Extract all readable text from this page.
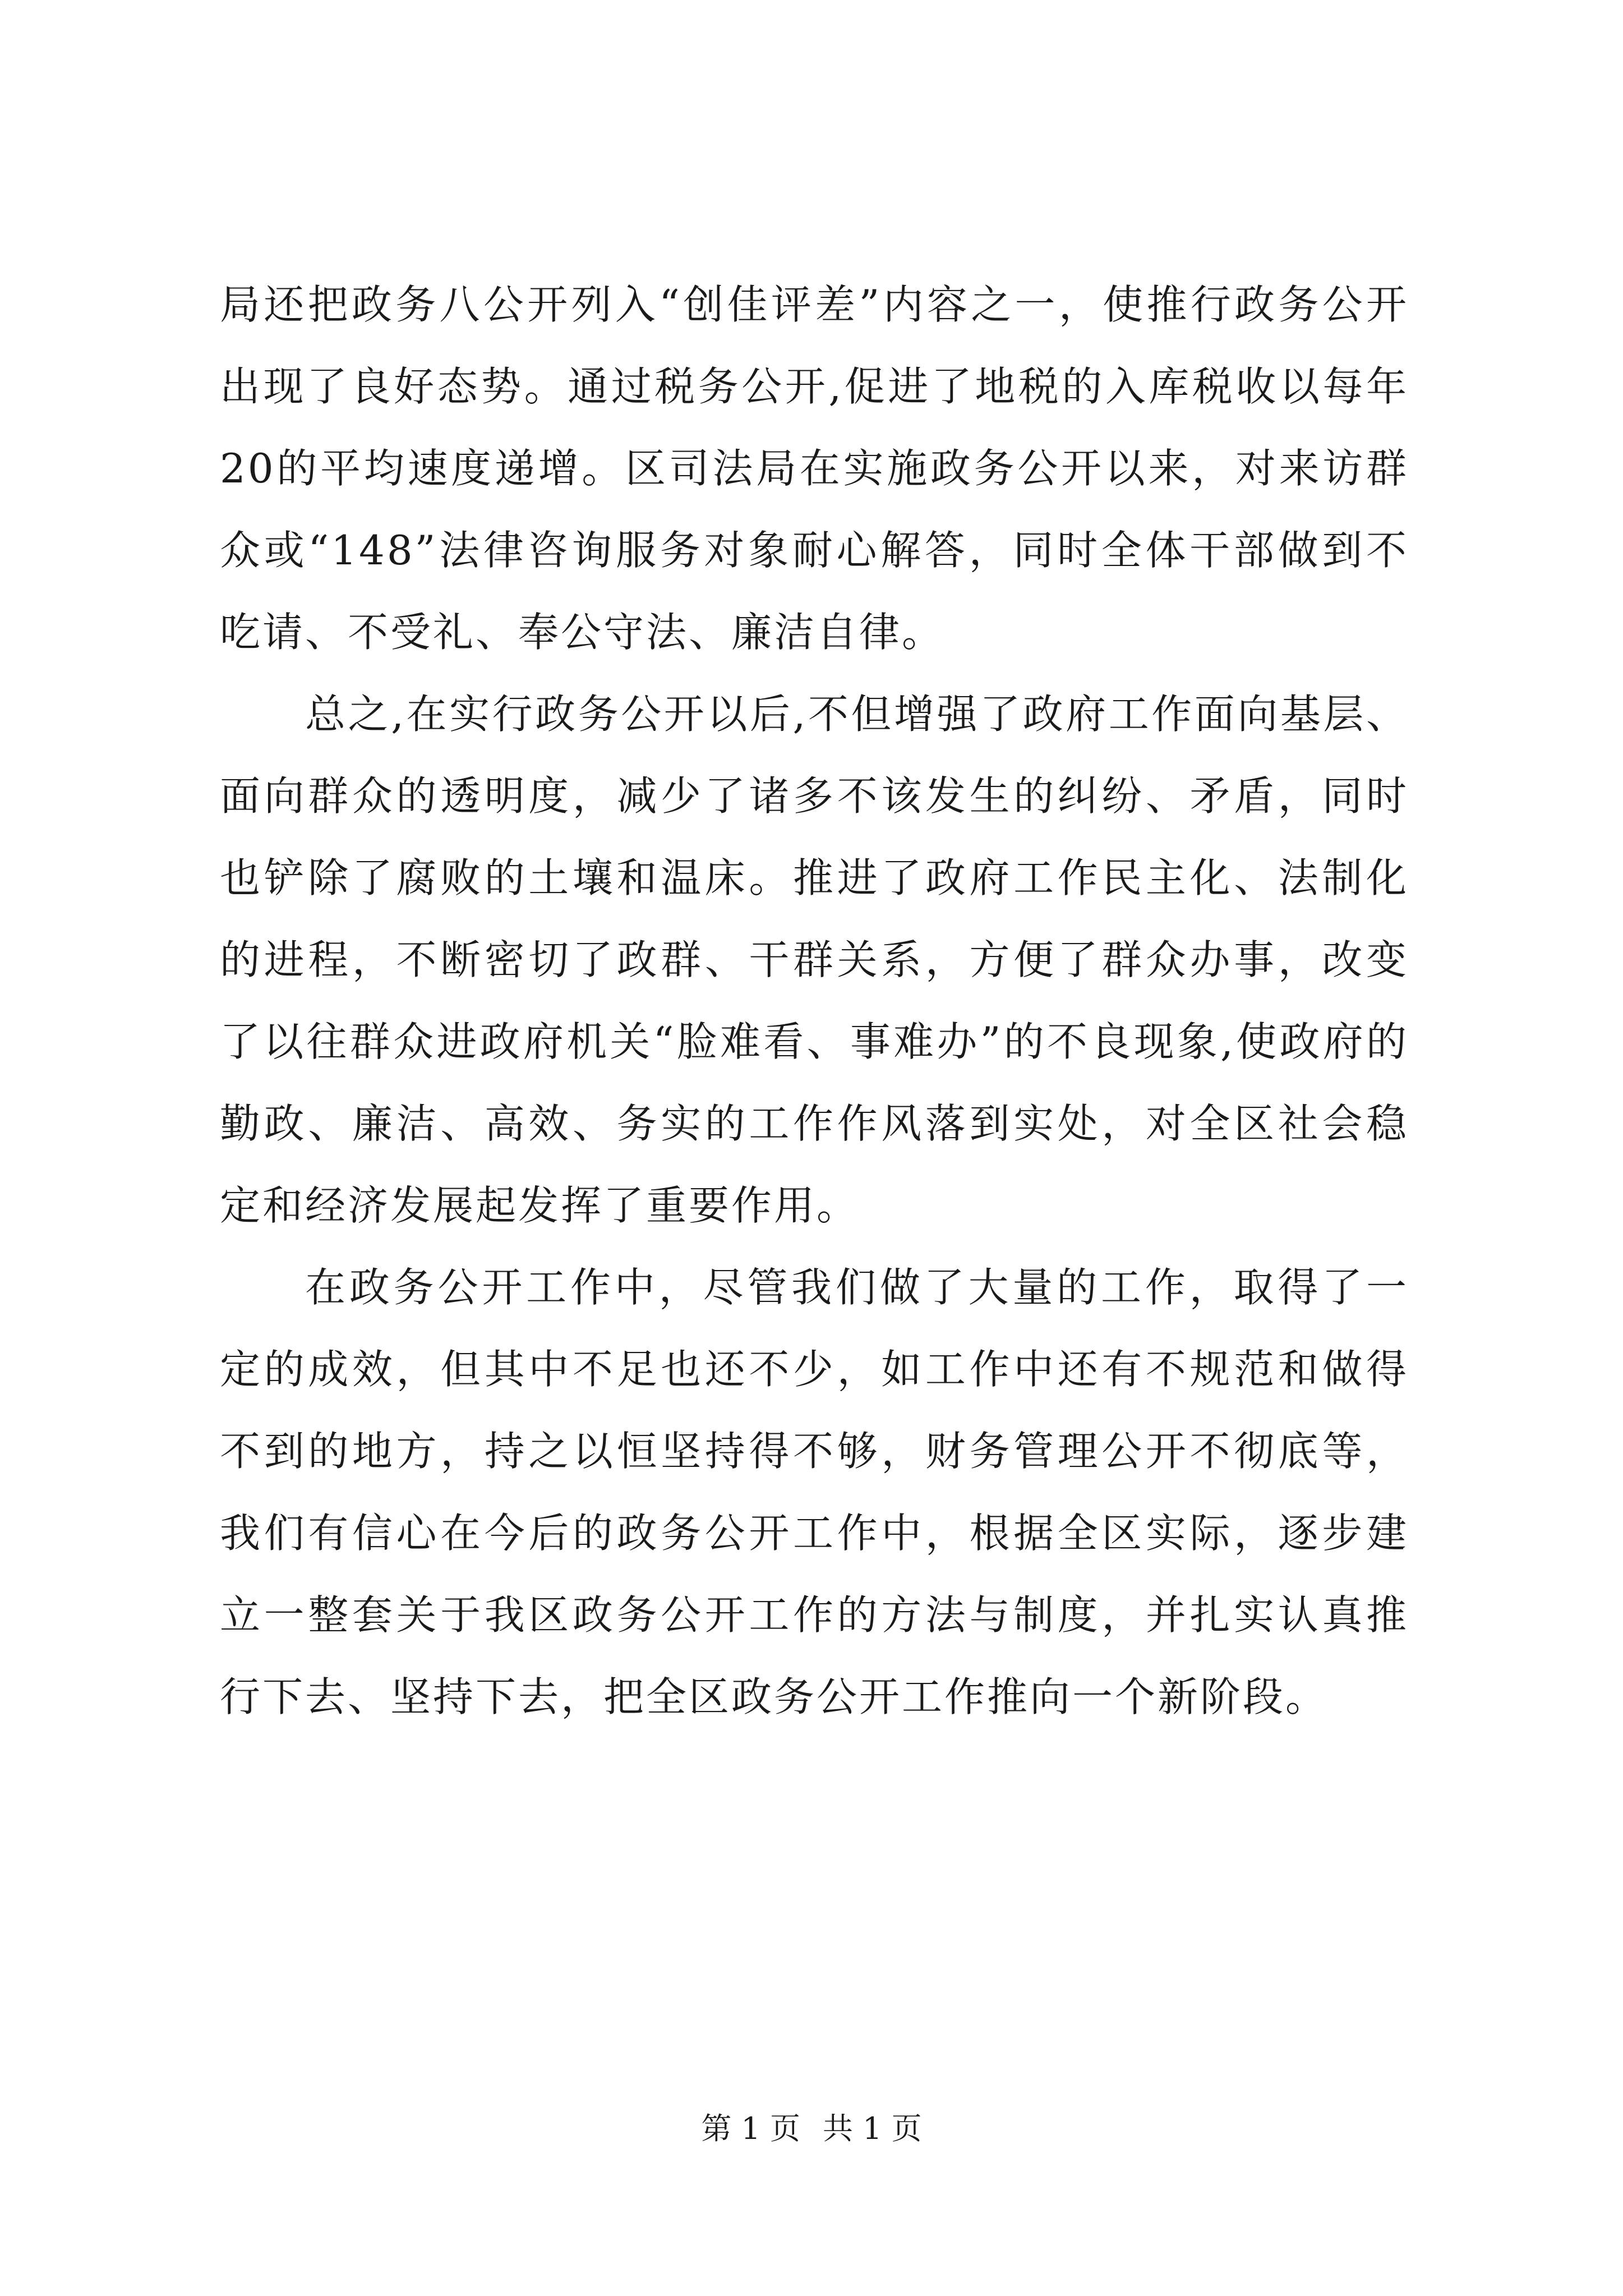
局还把政务八公开列入“创佳评差”内容之一，使推行政务公开出现了良好态势。通过税务公开,促进了地税的入库税收以每年20的平均速度递增。区司法局在实施政务公开以来，对来访群众或“148”法律咨询服务对象耐心解答，同时全体干部做到不吃请、不受礼、奉公守法、廉洁自律。

总之,在实行政务公开以后,不但增强了政府工作面向基层、面向群众的透明度，减少了诸多不该发生的纠纷、矛盾，同时也铲除了腐败的土壤和温床。推进了政府工作民主化、法制化的进程，不断密切了政群、干群关系，方便了群众办事，改变了以往群众进政府机关“脸难看、事难办”的不良现象,使政府的勤政、廉洁、高效、务实的工作作风落到实处，对全区社会稳定和经济发展起发挥了重要作用。

在政务公开工作中，尽管我们做了大量的工作，取得了一定的成效，但其中不足也还不少，如工作中还有不规范和做得不到的地方，持之以恒坚持得不够，财务管理公开不彻底等，我们有信心在今后的政务公开工作中，根据全区实际，逐步建立一整套关于我区政务公开工作的方法与制度，并扎实认真推行下去、坚持下去，把全区政务公开工作推向一个新阶段。

第 1 页 共 1 页
